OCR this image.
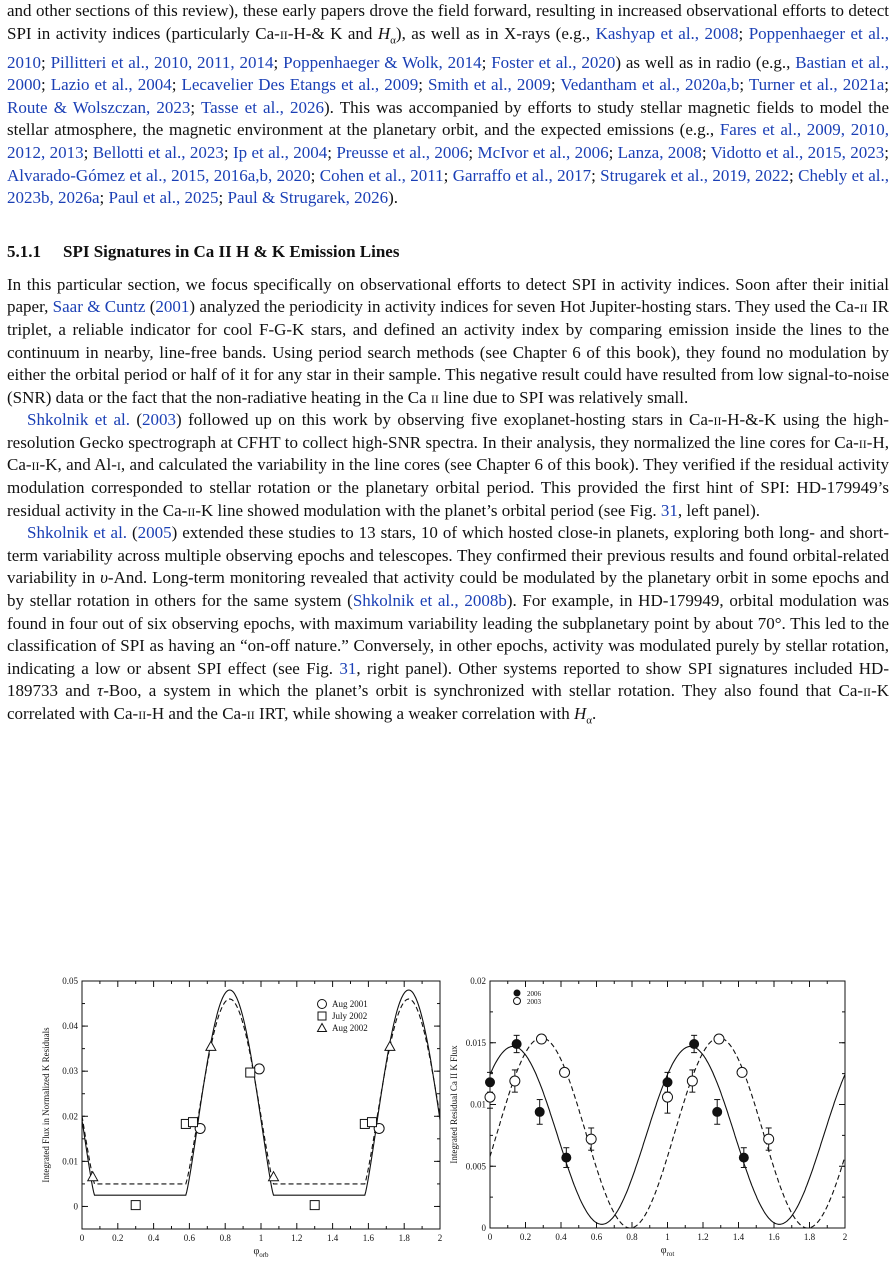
and other sections of this review), these early papers drove the field forward, resulting in increased observational efforts to detect SPI in activity indices (particularly Ca-ii-H-& K and $H_\alpha$), as well as in X-rays (e.g., Kashyap et al., 2008; Poppenhaeger et al., 2010; Pillitteri et al., 2010, 2011, 2014; Poppenhaeger & Wolk, 2014; Foster et al., 2020) as well as in radio (e.g., Bastian et al., 2000; Lazio et al., 2004; Lecavelier Des Etangs et al., 2009; Smith et al., 2009; Vedantham et al., 2020a,b; Turner et al., 2021a; Route & Wolszczan, 2023; Tasse et al., 2026). This was accompanied by efforts to study stellar magnetic fields to model the stellar atmosphere, the magnetic environment at the planetary orbit, and the expected emissions (e.g., Fares et al., 2009, 2010, 2012, 2013; Bellotti et al., 2023; Ip et al., 2004; Preusse et al., 2006; McIvor et al., 2006; Lanza, 2008; Vidotto et al., 2015, 2023; Alvarado-Gómez et al., 2015, 2016a,b, 2020; Cohen et al., 2011; Garraffo et al., 2017; Strugarek et al., 2019, 2022; Chebly et al., 2023b, 2026a; Paul et al., 2025; Paul & Strugarek, 2026).

5.1.1 SPI Signatures in Ca II H & K Emission Lines

In this particular section, we focus specifically on observational efforts to detect SPI in activity indices. Soon after their initial paper, Saar & Cuntz (2001) analyzed the periodicity in activity indices for seven Hot Jupiter-hosting stars. They used the Ca-ii IR triplet, a reliable indicator for cool F-G-K stars, and defined an activity index by comparing emission inside the lines to the continuum in nearby, line-free bands. Using period search methods (see Chapter 6 of this book), they found no modulation by either the orbital period or half of it for any star in their sample. This negative result could have resulted from low signal-to-noise (SNR) data or the fact that the non-radiative heating in the Ca ii line due to SPI was relatively small.

Shkolnik et al. (2003) followed up on this work by observing five exoplanet-hosting stars in Ca-ii-H-&-K using the high-resolution Gecko spectrograph at CFHT to collect high-SNR spectra. In their analysis, they normalized the line cores for Ca-ii-H, Ca-ii-K, and Al-i, and calculated the variability in the line cores (see Chapter 6 of this book). They verified if the residual activity modulation corresponded to stellar rotation or the planetary orbital period. This provided the first hint of SPI: HD-179949’s residual activity in the Ca-ii-K line showed modulation with the planet’s orbital period (see Fig. 31, left panel).

Shkolnik et al. (2005) extended these studies to 13 stars, 10 of which hosted close-in planets, exploring both long- and short-term variability across multiple observing epochs and telescopes. They confirmed their previous results and found orbital-related variability in υ-And. Long-term monitoring revealed that activity could be modulated by the planetary orbit in some epochs and by stellar rotation in others for the same system (Shkolnik et al., 2008b). For example, in HD-179949, orbital modulation was found in four out of six observing epochs, with maximum variability leading the subplanetary point by about 70°. This led to the classification of SPI as having an “on-off nature.” Conversely, in other epochs, activity was modulated purely by stellar rotation, indicating a low or absent SPI effect (see Fig. 31, right panel). Other systems reported to show SPI signatures included HD-189733 and τ-Boo, a system in which the planet’s orbit is synchronized with stellar rotation. They also found that Ca-ii-K correlated with Ca-ii-H and the Ca-ii IRT, while showing a weaker correlation with $H_\alpha$.

0	0.2	0.4	0.6	0.8	1	1.2	1.4	1.6	1.8	2
0
0.01
0.02
0.03
0.04
0.05
$\varphi_{orb}$
Integrated Flux in Normalized K Residuals
Aug 2001
July 2002
Aug 2002
0	0.2	0.4	0.6	0.8	1	1.2	1.4	1.6	1.8	2
0
0.005
0.01
0.015
0.02
$\varphi_{rot}$
Integrated Residual Ca II K Flux
2006
2003
